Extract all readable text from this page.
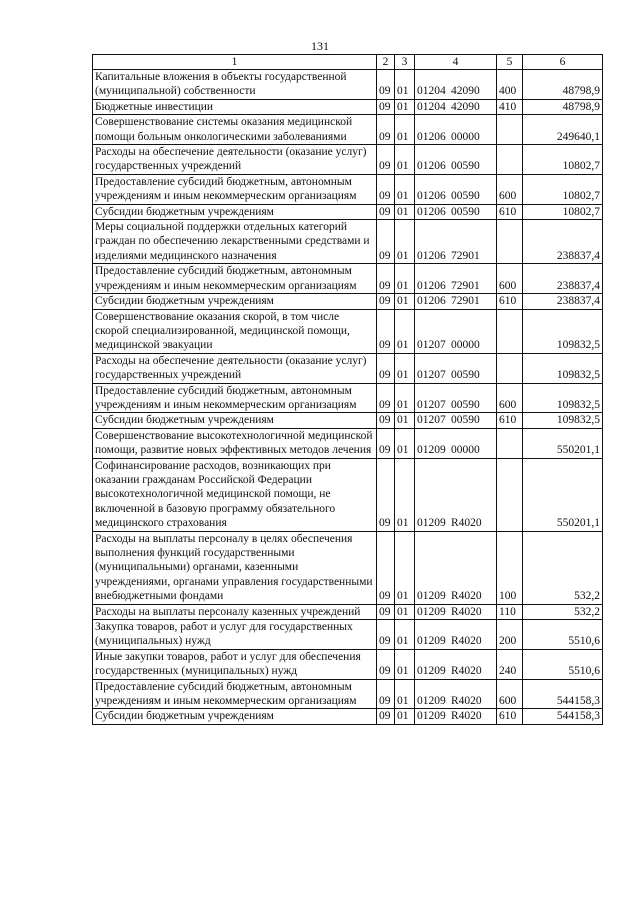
131
1	2	3	4	5	6
Капитальные вложения в объекты государственной (муниципальной) собственности	09	01	01204 42090	400	48798,9
Бюджетные инвестиции	09	01	01204 42090	410	48798,9
Совершенствование системы оказания медицинской помощи больным онкологическими заболеваниями	09	01	01206 00000		249640,1
Расходы на обеспечение деятельности (оказание услуг) государственных учреждений	09	01	01206 00590		10802,7
Предоставление субсидий бюджетным, автономным учреждениям и иным некоммерческим организациям	09	01	01206 00590	600	10802,7
Субсидии бюджетным учреждениям	09	01	01206 00590	610	10802,7
Меры социальной поддержки отдельных категорий граждан по обеспечению лекарственными средствами и изделиями медицинского назначения	09	01	01206 72901		238837,4
Предоставление субсидий бюджетным, автономным учреждениям и иным некоммерческим организациям	09	01	01206 72901	600	238837,4
Субсидии бюджетным учреждениям	09	01	01206 72901	610	238837,4
Совершенствование оказания скорой, в том числе скорой специализированной, медицинской помощи, медицинской эвакуации	09	01	01207 00000		109832,5
Расходы на обеспечение деятельности (оказание услуг) государственных учреждений	09	01	01207 00590		109832,5
Предоставление субсидий бюджетным, автономным учреждениям и иным некоммерческим организациям	09	01	01207 00590	600	109832,5
Субсидии бюджетным учреждениям	09	01	01207 00590	610	109832,5
Совершенствование высокотехнологичной медицинской помощи, развитие новых эффективных методов лечения	09	01	01209 00000		550201,1
Софинансирование расходов, возникающих при оказании гражданам Российской Федерации высокотехнологичной медицинской помощи, не включенной в базовую программу обязательного медицинского страхования	09	01	01209 R4020		550201,1
Расходы на выплаты персоналу в целях обеспечения выполнения функций государственными (муниципальными) органами, казенными учреждениями, органами управления государственными внебюджетными фондами	09	01	01209 R4020	100	532,2
Расходы на выплаты персоналу казенных учреждений	09	01	01209 R4020	110	532,2
Закупка товаров, работ и услуг для государственных (муниципальных) нужд	09	01	01209 R4020	200	5510,6
Иные закупки товаров, работ и услуг для обеспечения государственных (муниципальных) нужд	09	01	01209 R4020	240	5510,6
Предоставление субсидий бюджетным, автономным учреждениям и иным некоммерческим организациям	09	01	01209 R4020	600	544158,3
Субсидии бюджетным учреждениям	09	01	01209 R4020	610	544158,3
